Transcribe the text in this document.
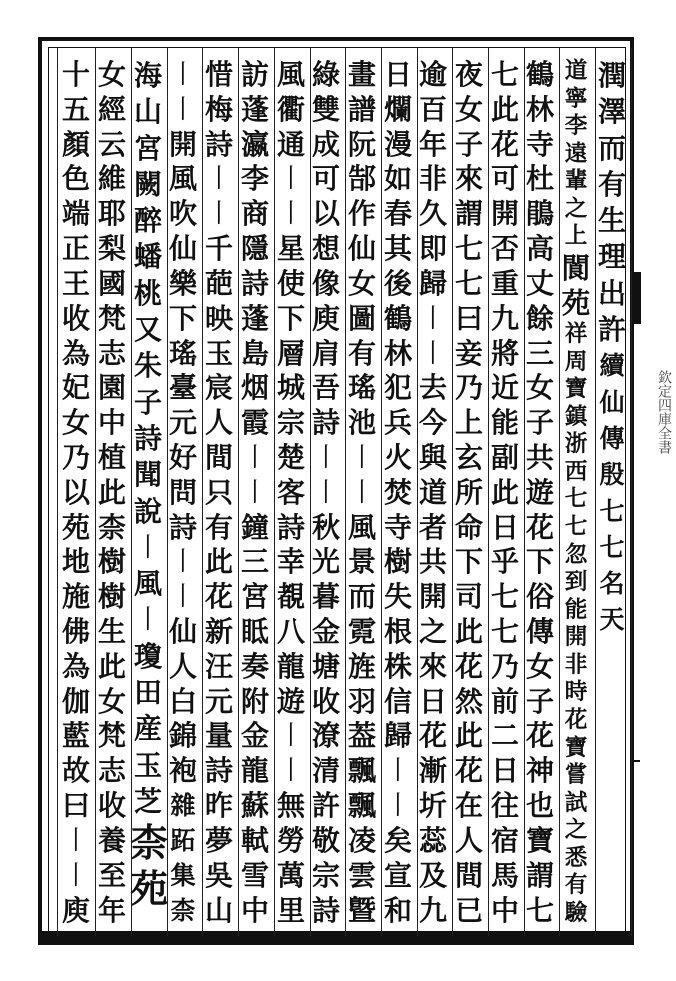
欽定四庫全書
潤
澤
而
有
生
理
出
許
續
仙
傳
殷
七
七
名
天
道
寧
李
遠
輩
之
上
閬
苑
祥
周
寶
鎮
浙
西
七
七
忽
到
能
開
非
時
花
寶
嘗
試
之
悉
有
驗
鶴
林
寺
杜
鵑
高
丈
餘
三
女
子
共
遊
花
下
俗
傳
女
子
花
神
也
寶
謂
七
七
此
花
可
開
否
重
九
將
近
能
副
此
日
乎
七
七
乃
前
二
日
往
宿
馬
中
夜
女
子
來
謂
七
七
曰
妾
乃
上
玄
所
命
下
司
此
花
然
此
花
在
人
間
已
逾
百
年
非
久
即
歸
丨
丨
去
今
與
道
者
共
開
之
來
日
花
漸
圻
蕊
及
九
日
爛
漫
如
春
其
後
鶴
林
犯
兵
火
焚
寺
樹
失
根
株
信
歸
丨
丨
矣
宣
和
畫
譜
阮
郜
作
仙
女
圖
有
瑤
池
丨
丨
風
景
而
霓
旌
羽
葢
飄
飄
凌
雲
曁
綠
雙
成
可
以
想
像
庾
肩
吾
詩
丨
丨
秋
光
暮
金
塘
收
潦
清
許
敬
宗
詩
風
衢
通
丨
丨
星
使
下
層
城
宗
楚
客
詩
幸
覩
八
龍
遊
丨
丨
無
勞
萬
里
訪
蓬
瀛
李
商
隱
詩
蓬
島
烟
霞
丨
丨
鐘
三
宮
眡
奏
附
金
龍
蘇
軾
雪
中
惜
梅
詩
丨
丨
千
葩
映
玉
宸
人
間
只
有
此
花
新
汪
元
量
詩
昨
夢
吳
山
丨
丨
開
風
吹
仙
樂
下
瑤
臺
元
好
問
詩
丨
丨
仙
人
白
錦
袍
雜
跖
集
柰
海
山
宮
闕
醉
蟠
桃
又
朱
子
詩
聞
說
丨
風
丨
瓊
田
産
玉
芝
柰
苑
女
經
云
維
耶
梨
國
梵
志
園
中
植
此
柰
樹
樹
生
此
女
梵
志
收
養
至
年
十
五
顏
色
端
正
王
收
為
妃
女
乃
以
苑
地
施
佛
為
伽
藍
故
曰
丨
丨
庾
